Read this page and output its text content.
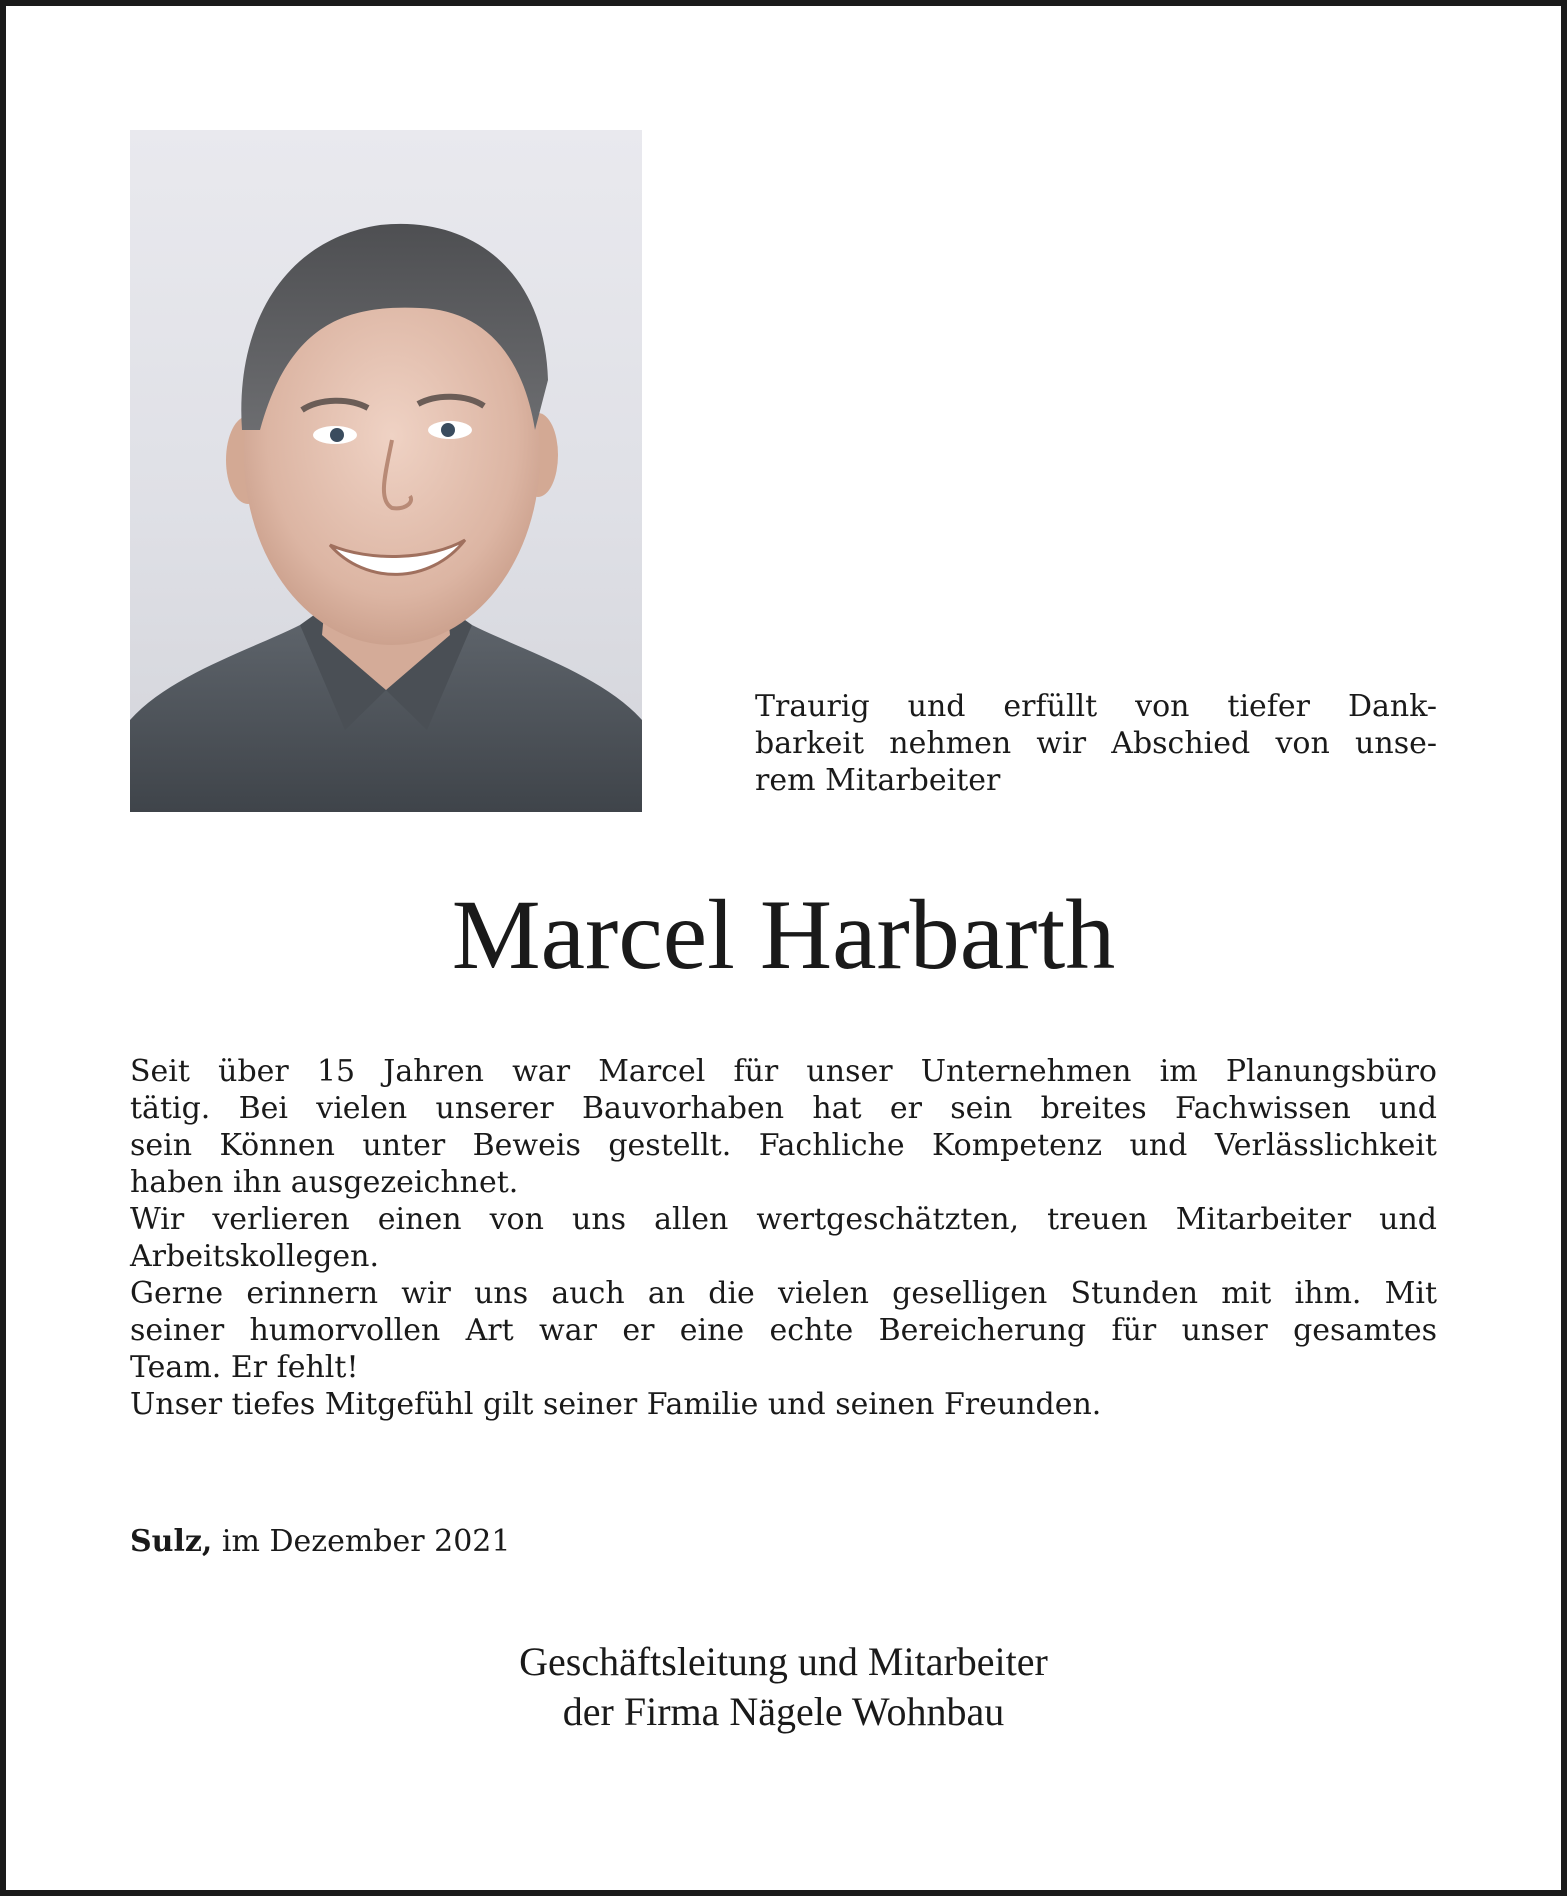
Traurig und erfüllt von tiefer Dank-
barkeit nehmen wir Abschied von unse-
rem Mitarbeiter

Marcel Harbarth

Seit über 15 Jahren war Marcel für unser Unternehmen im Planungsbüro
tätig. Bei vielen unserer Bauvorhaben hat er sein breites Fachwissen und
sein Können unter Beweis gestellt. Fachliche Kompetenz und Verlässlichkeit
haben ihn ausgezeichnet.
Wir verlieren einen von uns allen wertgeschätzten, treuen Mitarbeiter und
Arbeitskollegen.
Gerne erinnern wir uns auch an die vielen geselligen Stunden mit ihm. Mit
seiner humorvollen Art war er eine echte Bereicherung für unser gesamtes
Team. Er fehlt!
Unser tiefes Mitgefühl gilt seiner Familie und seinen Freunden.

Sulz, im Dezember 2021

Geschäftsleitung und Mitarbeiter
der Firma Nägele Wohnbau
